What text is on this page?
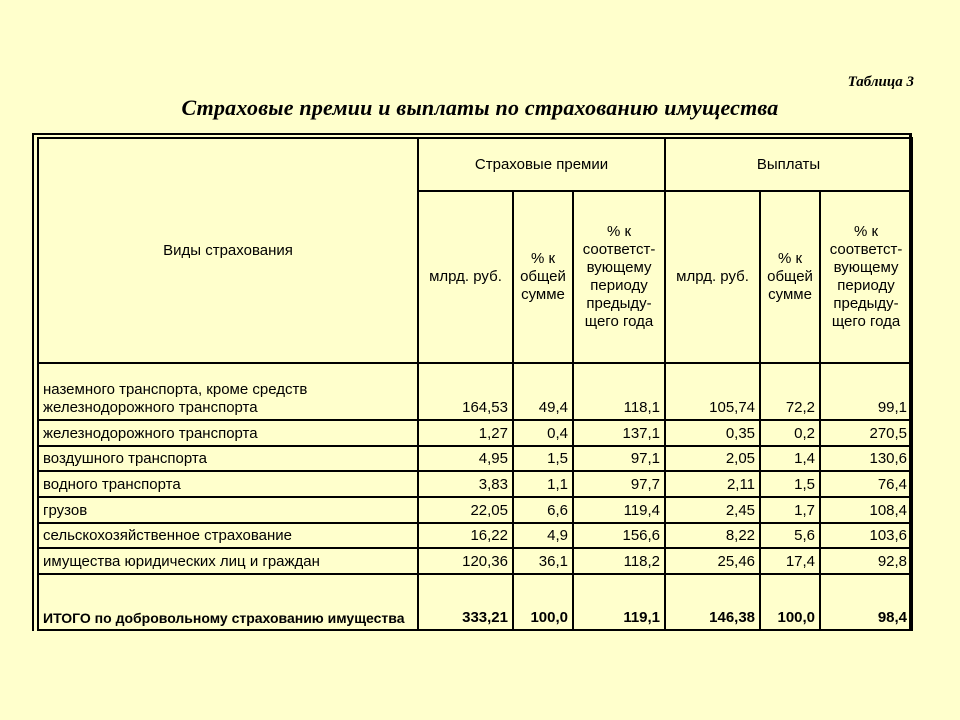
Таблица 3
Страховые премии и выплаты по страхованию имущества
Виды страхования	Страховые премии			Выплаты		
	млрд. руб.	% к общей сумме	% к соответст-вующему периоду предыду-щего года	млрд. руб.	% к общей сумме	% к соответст-вующему периоду предыду-щего года
наземного транспорта, кроме средств железнодорожного транспорта	164,53	49,4	118,1	105,74	72,2	99,1
железнодорожного транспорта	1,27	0,4	137,1	0,35	0,2	270,5
воздушного транспорта	4,95	1,5	97,1	2,05	1,4	130,6
водного транспорта	3,83	1,1	97,7	2,11	1,5	76,4
грузов	22,05	6,6	119,4	2,45	1,7	108,4
сельскохозяйственное страхование	16,22	4,9	156,6	8,22	5,6	103,6
имущества юридических лиц и граждан	120,36	36,1	118,2	25,46	17,4	92,8
ИТОГО по добровольному страхованию имущества	333,21	100,0	119,1	146,38	100,0	98,4
